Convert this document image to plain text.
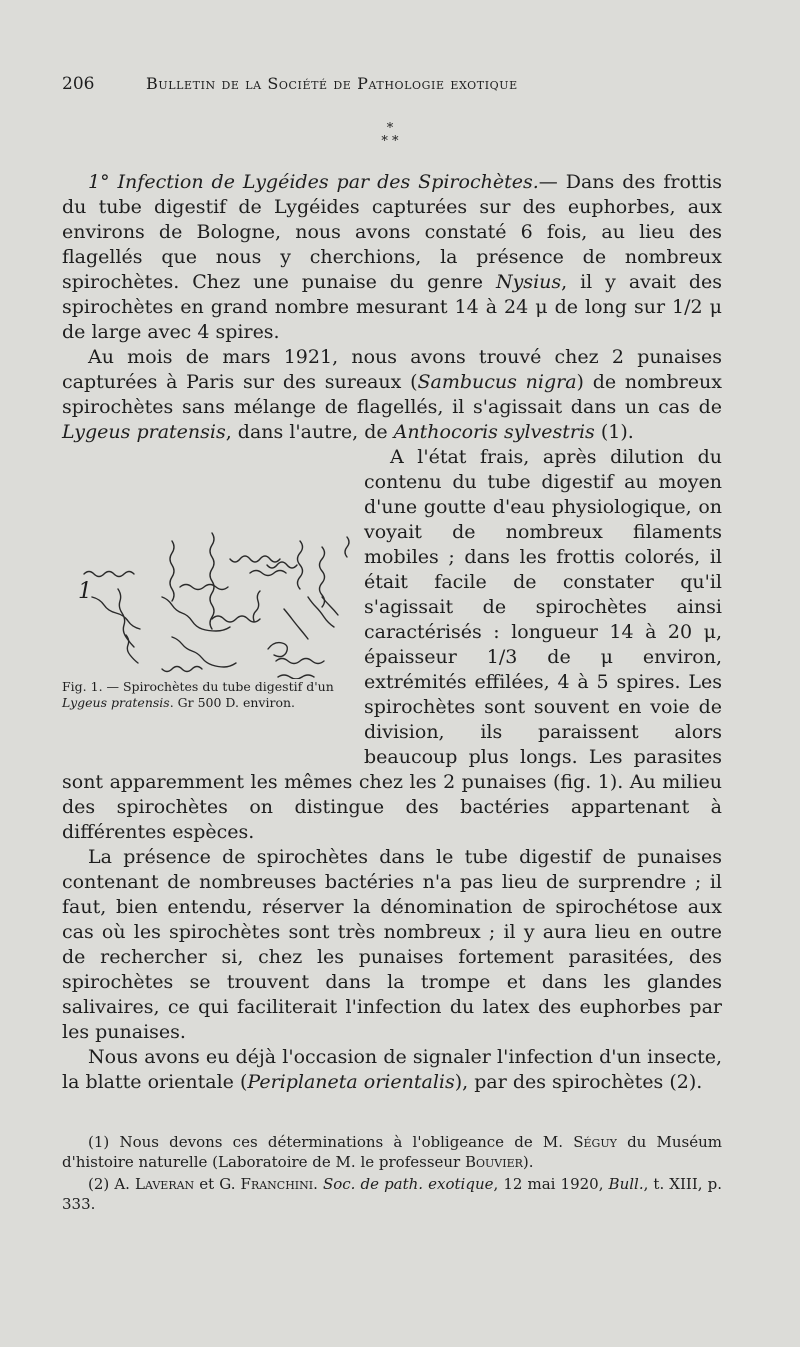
206	Bulletin de la Société de Pathologie exotique
*
* *

1° Infection de Lygéides par des Spirochètes.— Dans des frottis du tube digestif de Lygéides capturées sur des euphorbes, aux environs de Bologne, nous avons constaté 6 fois, au lieu des flagellés que nous y cherchions, la présence de nombreux spirochètes. Chez une punaise du genre Nysius, il y avait des spirochètes en grand nombre mesurant 14 à 24 μ de long sur 1/2 μ de large avec 4 spires.

Au mois de mars 1921, nous avons trouvé chez 2 punaises capturées à Paris sur des sureaux (Sambucus nigra) de nombreux spirochètes sans mélange de flagellés, il s'agissait dans un cas de Lygeus pratensis, dans l'autre, de Anthocoris sylvestris (1).

1
Fig. 1. — Spirochètes du tube digestif d'un Lygeus pratensis. Gr 500 D. environ.

A l'état frais, après dilution du contenu du tube digestif au moyen d'une goutte d'eau physiologique, on voyait de nombreux filaments mobiles ; dans les frottis colorés, il était facile de constater qu'il s'agissait de spirochètes ainsi caractérisés : longueur 14 à 20 μ, épaisseur 1/3 de μ environ, extrémités effilées, 4 à 5 spires. Les spirochètes sont souvent en voie de division, ils paraissent alors beaucoup plus longs. Les parasites sont apparemment les mêmes chez les 2 punaises (fig. 1). Au milieu des spirochètes on distingue des bactéries appartenant à différentes espèces.

La présence de spirochètes dans le tube digestif de punaises contenant de nombreuses bactéries n'a pas lieu de surprendre ; il faut, bien entendu, réserver la dénomination de spirochétose aux cas où les spirochètes sont très nombreux ; il y aura lieu en outre de rechercher si, chez les punaises fortement parasitées, des spirochètes se trouvent dans la trompe et dans les glandes salivaires, ce qui faciliterait l'infection du latex des euphorbes par les punaises.

Nous avons eu déjà l'occasion de signaler l'infection d'un insecte, la blatte orientale (Periplaneta orientalis), par des spirochètes (2).

(1) Nous devons ces déterminations à l'obligeance de M. Séguy du Muséum d'histoire naturelle (Laboratoire de M. le professeur Bouvier).

(2) A. Laveran et G. Franchini. Soc. de path. exotique, 12 mai 1920, Bull., t. XIII, p. 333.
